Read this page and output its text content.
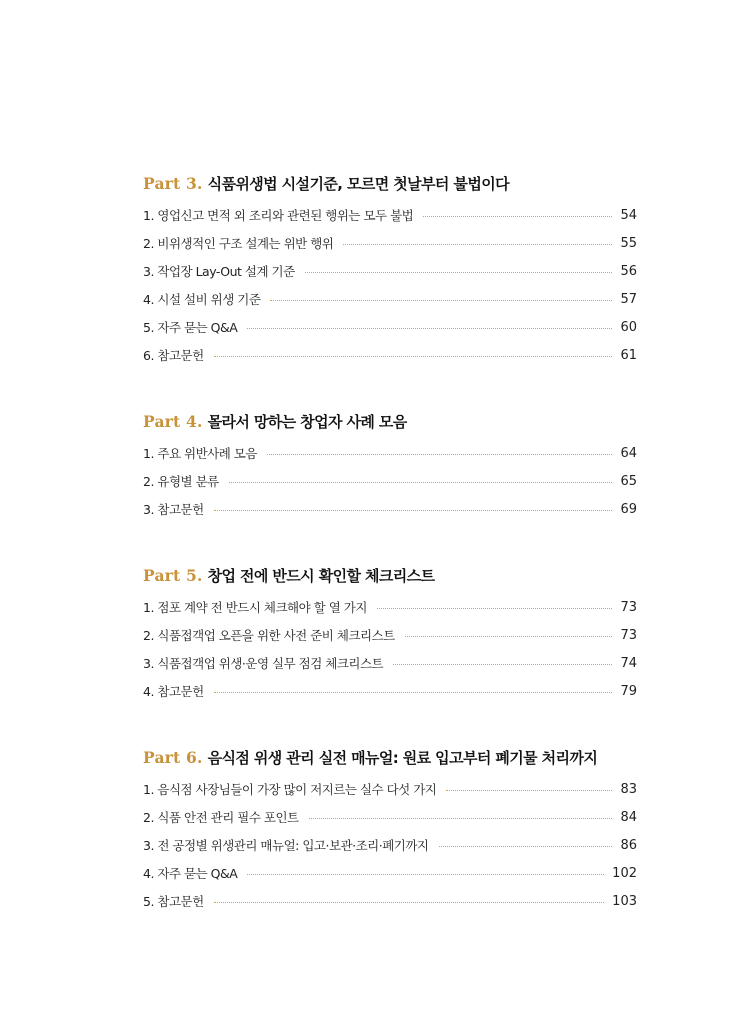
Part 3. 식품위생법 시설기준, 모르면 첫날부터 불법이다
1. 영업신고 면적 외 조리와 관련된 행위는 모두 불법	54
2. 비위생적인 구조 설계는 위반 행위	55
3. 작업장 Lay-Out 설계 기준	56
4. 시설 설비 위생 기준	57
5. 자주 묻는 Q&A	60
6. 참고문헌	61
Part 4. 몰라서 망하는 창업자 사례 모음
1. 주요 위반사례 모음	64
2. 유형별 분류	65
3. 참고문헌	69
Part 5. 창업 전에 반드시 확인할 체크리스트
1. 점포 계약 전 반드시 체크해야 할 열 가지	73
2. 식품접객업 오픈을 위한 사전 준비 체크리스트	73
3. 식품접객업 위생·운영 실무 점검 체크리스트	74
4. 참고문헌	79
Part 6. 음식점 위생 관리 실전 매뉴얼: 원료 입고부터 폐기물 처리까지
1. 음식점 사장님들이 가장 많이 저지르는 실수 다섯 가지	83
2. 식품 안전 관리 필수 포인트	84
3. 전 공정별 위생관리 매뉴얼: 입고·보관·조리·폐기까지	86
4. 자주 묻는 Q&A	102
5. 참고문헌	103
